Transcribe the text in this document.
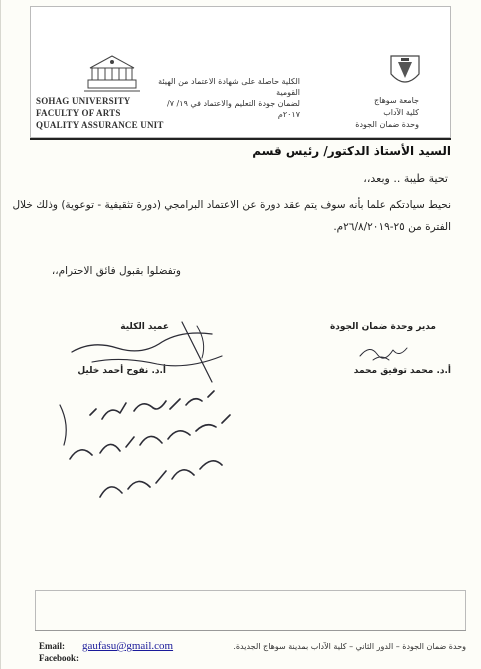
SOHAG UNIVERSITY
FACULTY OF ARTS
QUALITY ASSURANCE UNIT
الكلية حاصلة على شهادة الاعتماد من الهيئة القومية
لضمان جودة التعليم والاعتماد في ١٩/ ٧/ ٢٠١٧م
جامعة سوهاج
كلية الآداب
وحدة ضمان الجودة
السيد الأستاذ الدكتور/ رئيس قسم
تحية طيبة .. وبعد،،
نحيط سيادتكم علما بأنه سوف يتم عقد دورة عن الاعتماد البرامجي (دورة تثقيفية - توعوية) وذلك خلال الفترة من ٢٥-٢٦/٨/٢٠١٩م.
وتفضلوا بقبول فائق الاحترام،،
مدير وحدة ضمان الجودة
أ.د. محمد توفيق محمد
عميد الكلية
أ.د. نفوح أحمد خليل
Email: gaufasu@gmail.com
Facebook:
وحدة ضمان الجودة – الدور الثاني – كلية الآداب بمدينة سوهاج الجديدة.
